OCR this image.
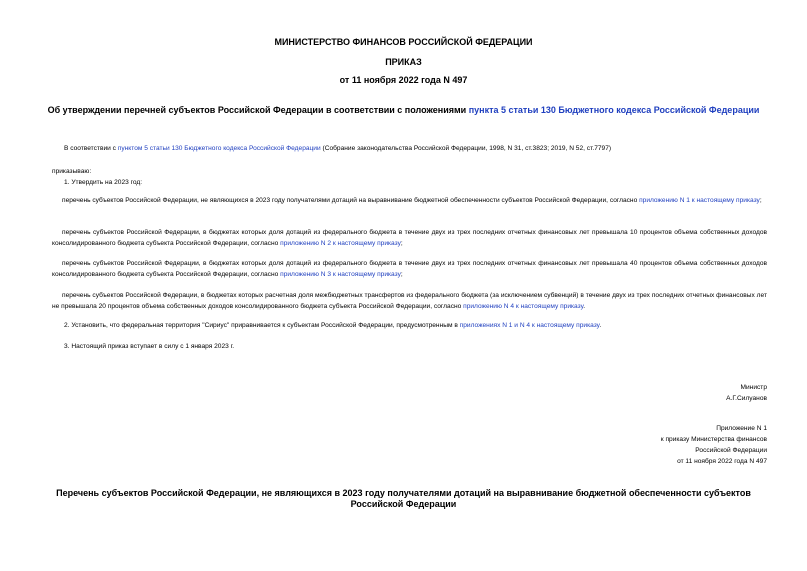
МИНИСТЕРСТВО ФИНАНСОВ РОССИЙСКОЙ ФЕДЕРАЦИИ
ПРИКАЗ
от 11 ноября 2022 года N 497
Об утверждении перечней субъектов Российской Федерации в соответствии с положениями пункта 5 статьи 130 Бюджетного кодекса Российской Федерации
В соответствии с пунктом 5 статьи 130 Бюджетного кодекса Российской Федерации (Собрание законодательства Российской Федерации, 1998, N 31, ст.3823; 2019, N 52, ст.7797)
приказываю:
1. Утвердить на 2023 год:
перечень субъектов Российской Федерации, не являющихся в 2023 году получателями дотаций на выравнивание бюджетной обеспеченности субъектов Российской Федерации, согласно приложению N 1 к настоящему приказу;
перечень субъектов Российской Федерации, в бюджетах которых доля дотаций из федерального бюджета в течение двух из трех последних отчетных финансовых лет превышала 10 процентов объема собственных доходов консолидированного бюджета субъекта Российской Федерации, согласно приложению N 2 к настоящему приказу;
перечень субъектов Российской Федерации, в бюджетах которых доля дотаций из федерального бюджета в течение двух из трех последних отчетных финансовых лет превышала 40 процентов объема собственных доходов консолидированного бюджета субъекта Российской Федерации, согласно приложению N 3 к настоящему приказу;
перечень субъектов Российской Федерации, в бюджетах которых расчетная доля межбюджетных трансфертов из федерального бюджета (за исключением субвенций) в течение двух из трех последних отчетных финансовых лет не превышала 20 процентов объема собственных доходов консолидированного бюджета субъекта Российской Федерации, согласно приложению N 4 к настоящему приказу.
2. Установить, что федеральная территория "Сириус" приравнивается к субъектам Российской Федерации, предусмотренным в приложениях N 1 и N 4 к настоящему приказу.
3. Настоящий приказ вступает в силу с 1 января 2023 г.
Министр
А.Г.Силуанов
Приложение N 1
к приказу Министерства финансов
Российской Федерации
от 11 ноября 2022 года N 497
Перечень субъектов Российской Федерации, не являющихся в 2023 году получателями дотаций на выравнивание бюджетной обеспеченности субъектов Российской Федерации
